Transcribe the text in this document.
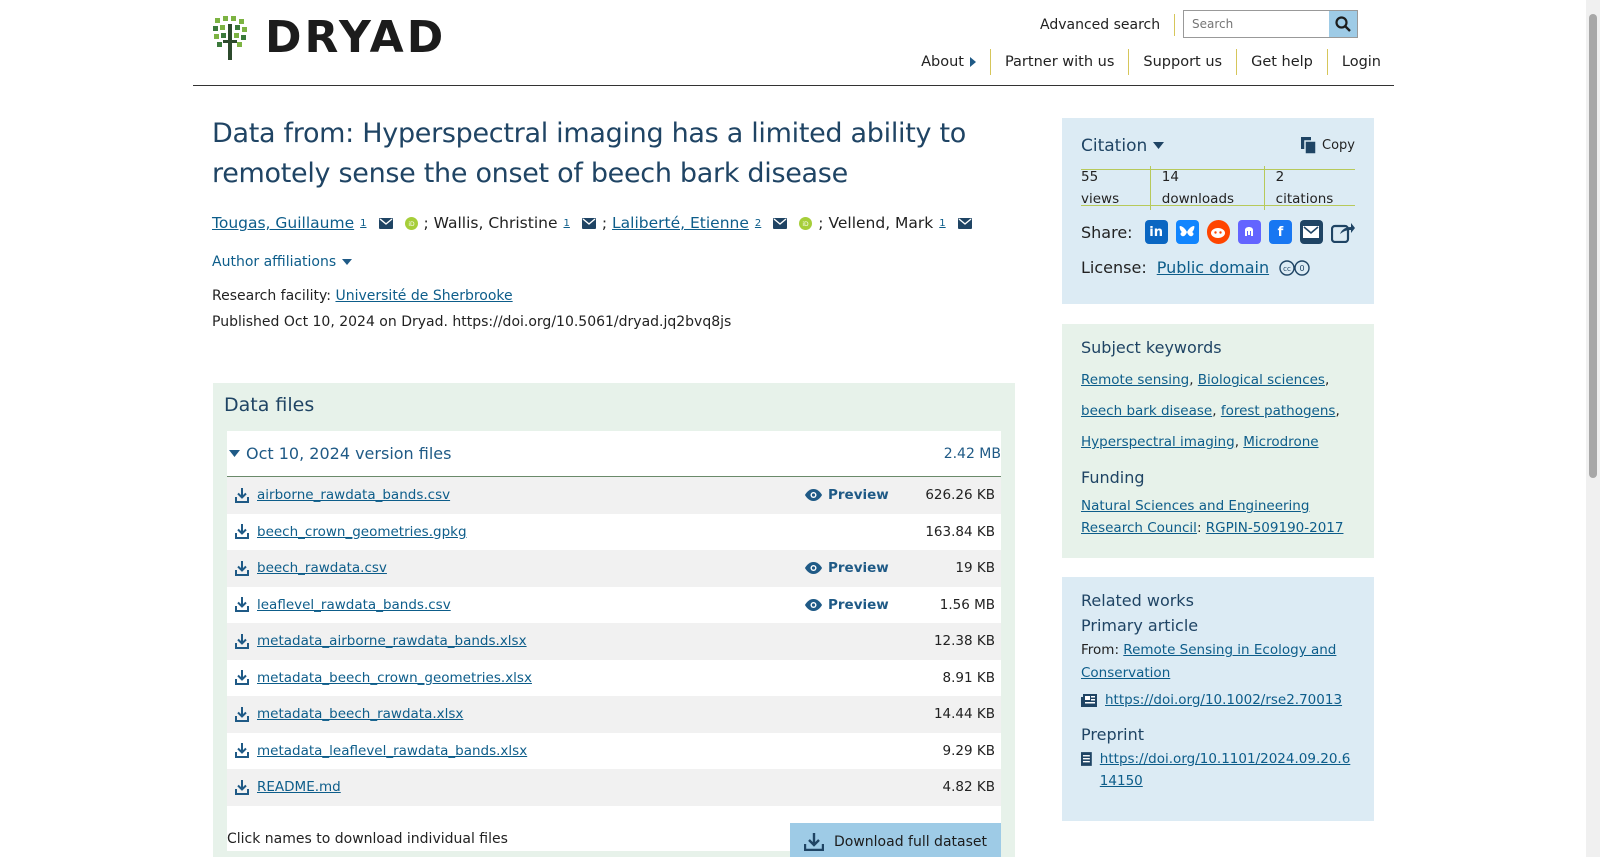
DRYAD	Advanced search
Search
About	Partner with us	Support us	Get help	Login
Data from: Hyperspectral imaging has a limited ability to remotely sense the onset of beech bark disease
Tougas, Guillaume 1	iD ;
Wallis, Christine 1 ;
Laliberté, Etienne 2	iD ;
Vellend, Mark 1
Author affiliations
Research facility: Université de Sherbrooke
Published Oct 10, 2024 on Dryad. https://doi.org/10.5061/dryad.jq2bvq8js
Data files
Oct 10, 2024 version files	2.42 MB
airborne_rawdata_bands.csv	Preview	626.26 KB
beech_crown_geometries.gpkg	163.84 KB
beech_rawdata.csv	Preview	19 KB
leaflevel_rawdata_bands.csv	Preview	1.56 MB
metadata_airborne_rawdata_bands.xlsx	12.38 KB
metadata_beech_crown_geometries.xlsx	8.91 KB
metadata_beech_rawdata.xlsx	14.44 KB
metadata_leaflevel_rawdata_bands.xlsx	9.29 KB
README.md	4.82 KB
Click names to download individual files	Download full dataset
Citation	Copy
55 views
14 downloads
2 citations
Share:	in	f
License: Public domain cc 0
Subject keywords
Remote sensing, Biological sciences,
beech bark disease, forest pathogens,
Hyperspectral imaging, Microdrone
Funding
Natural Sciences and Engineering Research Council: RGPIN-509190-2017
Related works
Primary article
From: Remote Sensing in Ecology and Conservation
https://doi.org/10.1002/rse2.70013
Preprint
https://doi.org/10.1101/2024.09.20.614150
